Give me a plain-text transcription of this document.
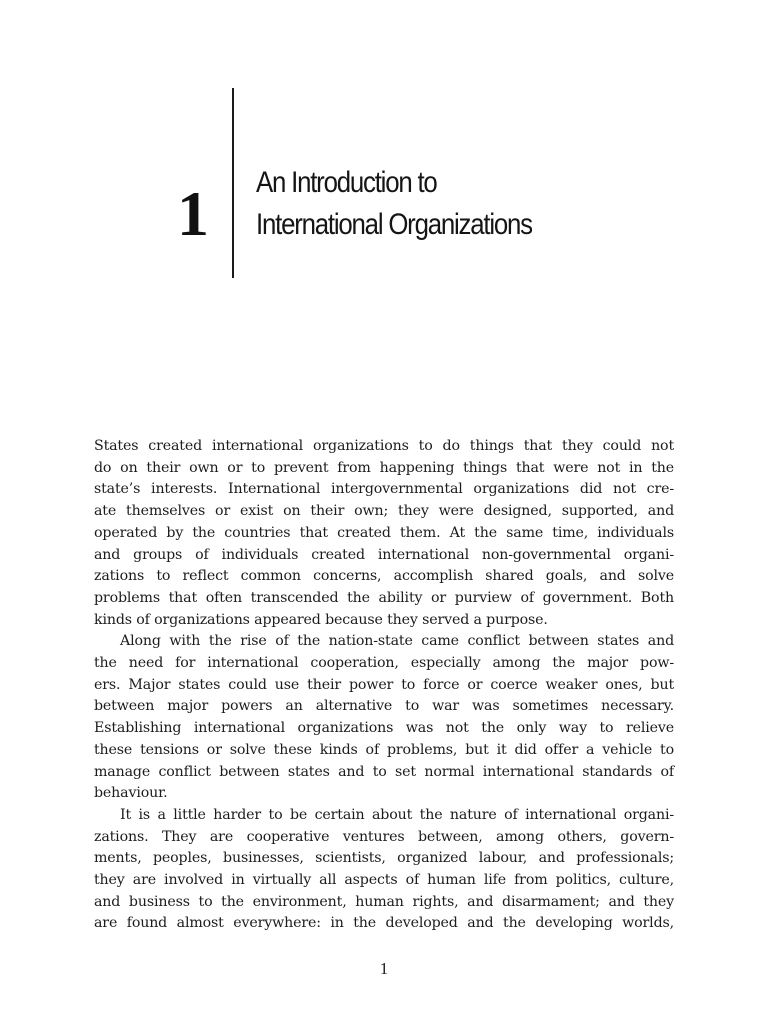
1	An Introduction to
International Organizations

States created international organizations to do things that they could not
do on their own or to prevent from happening things that were not in the
state’s interests. International intergovernmental organizations did not cre-
ate themselves or exist on their own; they were designed, supported, and
operated by the countries that created them. At the same time, individuals
and groups of individuals created international non-governmental organi-
zations to reflect common concerns, accomplish shared goals, and solve
problems that often transcended the ability or purview of government. Both
kinds of organizations appeared because they served a purpose.

Along with the rise of the nation-state came conflict between states and
the need for international cooperation, especially among the major pow-
ers. Major states could use their power to force or coerce weaker ones, but
between major powers an alternative to war was sometimes necessary.
Establishing international organizations was not the only way to relieve
these tensions or solve these kinds of problems, but it did offer a vehicle to
manage conflict between states and to set normal international standards of
behaviour.

It is a little harder to be certain about the nature of international organi-
zations. They are cooperative ventures between, among others, govern-
ments, peoples, businesses, scientists, organized labour, and professionals;
they are involved in virtually all aspects of human life from politics, culture,
and business to the environment, human rights, and disarmament; and they
are found almost everywhere: in the developed and the developing worlds,

1
